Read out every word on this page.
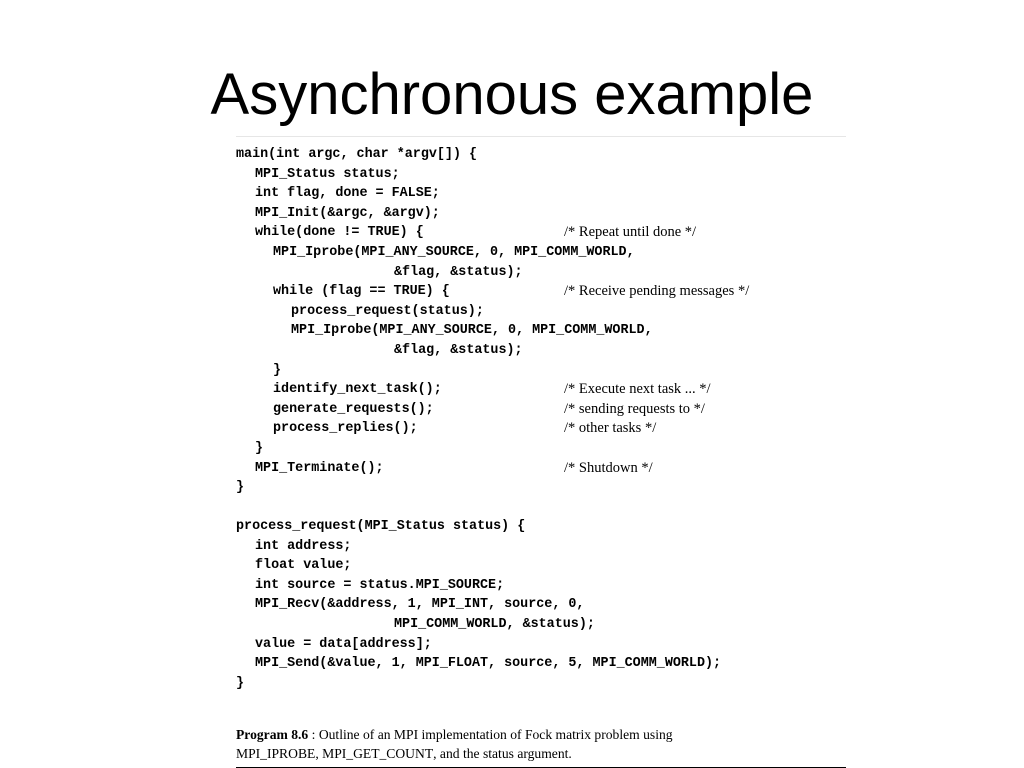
Asynchronous example
main(int argc, char *argv[]) {
MPI_Status status;
int flag, done = FALSE;
MPI_Init(&argc, &argv);
while(done != TRUE) {	/* Repeat until done */
MPI_Iprobe(MPI_ANY_SOURCE, 0, MPI_COMM_WORLD,
&flag, &status);
while (flag == TRUE) {	/* Receive pending messages */
process_request(status);
MPI_Iprobe(MPI_ANY_SOURCE, 0, MPI_COMM_WORLD,
&flag, &status);
}
identify_next_task();	/* Execute next task ... */
generate_requests();	/* sending requests to */
process_replies();	/* other tasks */
}
MPI_Terminate();	/* Shutdown */
}
process_request(MPI_Status status) {
int address;
float value;
int source = status.MPI_SOURCE;
MPI_Recv(&address, 1, MPI_INT, source, 0,
MPI_COMM_WORLD, &status);
value = data[address];
MPI_Send(&value, 1, MPI_FLOAT, source, 5, MPI_COMM_WORLD);
}
Program 8.6 : Outline of an MPI implementation of Fock matrix problem using
MPI_IPROBE, MPI_GET_COUNT, and the status argument.
